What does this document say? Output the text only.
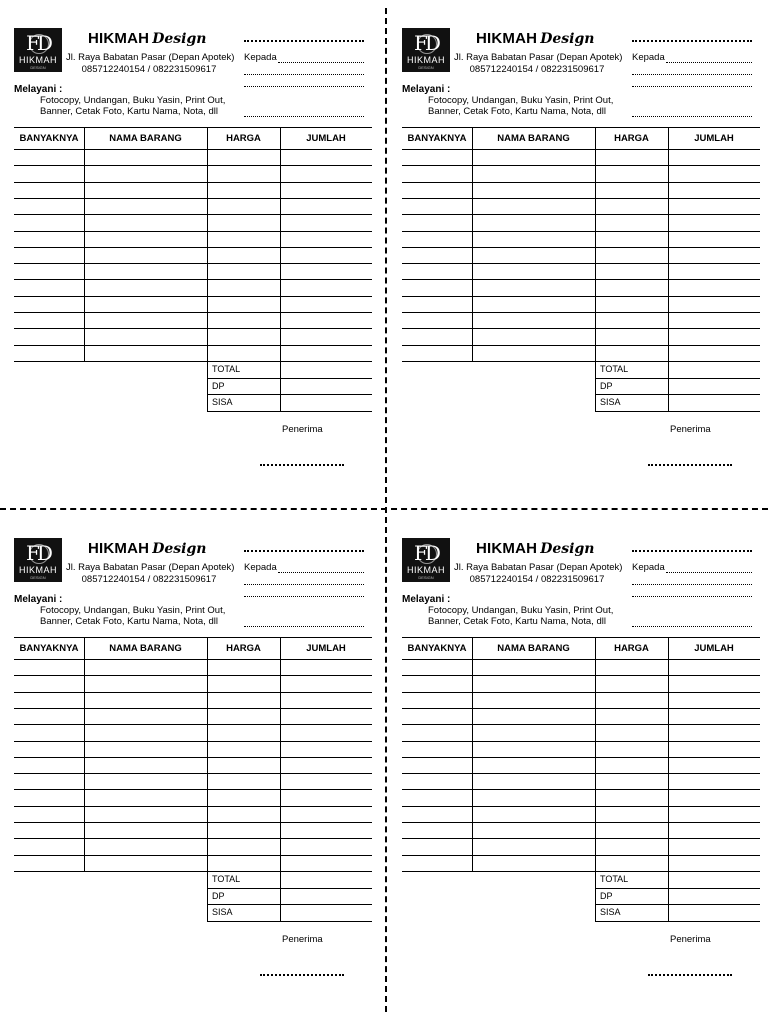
FD
HIKMAH
DESIGN
HIKMAH Design
Jl. Raya Babatan Pasar (Depan Apotek)
085712240154 / 082231509617
Kepada
Melayani :
Fotocopy, Undangan, Buku Yasin, Print Out,
Banner, Cetak Foto, Kartu Nama, Nota, dll
BANYAKNYA	NAMA BARANG	HARGA	JUMLAH
TOTAL
DP
SISA
Penerima
FD
HIKMAH
DESIGN
HIKMAH Design
Jl. Raya Babatan Pasar (Depan Apotek)
085712240154 / 082231509617
Kepada
Melayani :
Fotocopy, Undangan, Buku Yasin, Print Out,
Banner, Cetak Foto, Kartu Nama, Nota, dll
BANYAKNYA	NAMA BARANG	HARGA	JUMLAH
TOTAL
DP
SISA
Penerima
FD
HIKMAH
DESIGN
HIKMAH Design
Jl. Raya Babatan Pasar (Depan Apotek)
085712240154 / 082231509617
Kepada
Melayani :
Fotocopy, Undangan, Buku Yasin, Print Out,
Banner, Cetak Foto, Kartu Nama, Nota, dll
BANYAKNYA	NAMA BARANG	HARGA	JUMLAH
TOTAL
DP
SISA
Penerima
FD
HIKMAH
DESIGN
HIKMAH Design
Jl. Raya Babatan Pasar (Depan Apotek)
085712240154 / 082231509617
Kepada
Melayani :
Fotocopy, Undangan, Buku Yasin, Print Out,
Banner, Cetak Foto, Kartu Nama, Nota, dll
BANYAKNYA	NAMA BARANG	HARGA	JUMLAH
TOTAL
DP
SISA
Penerima
